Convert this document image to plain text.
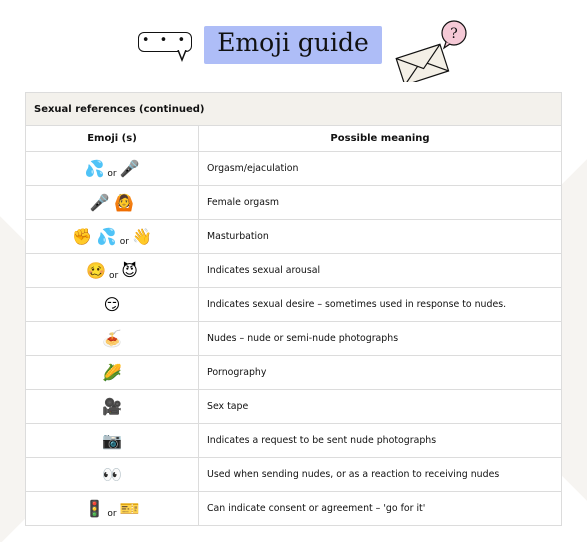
• • •	Emoji guide	?
Sexual references (continued)	
Emoji (s)	Possible meaning
💦 or 🎤	Orgasm/ejaculation
🎤 🙆	Female orgasm
✊ 💦 or 👋	Masturbation
🥴 or 😈	Indicates sexual arousal
😏	Indicates sexual desire – sometimes used in response to nudes.
🍝	Nudes – nude or semi-nude photographs
🌽	Pornography
🎥	Sex tape
📷	Indicates a request to be sent nude photographs
👀	Used when sending nudes, or as a reaction to receiving nudes
🚦 or 🎫	Can indicate consent or agreement – 'go for it'
